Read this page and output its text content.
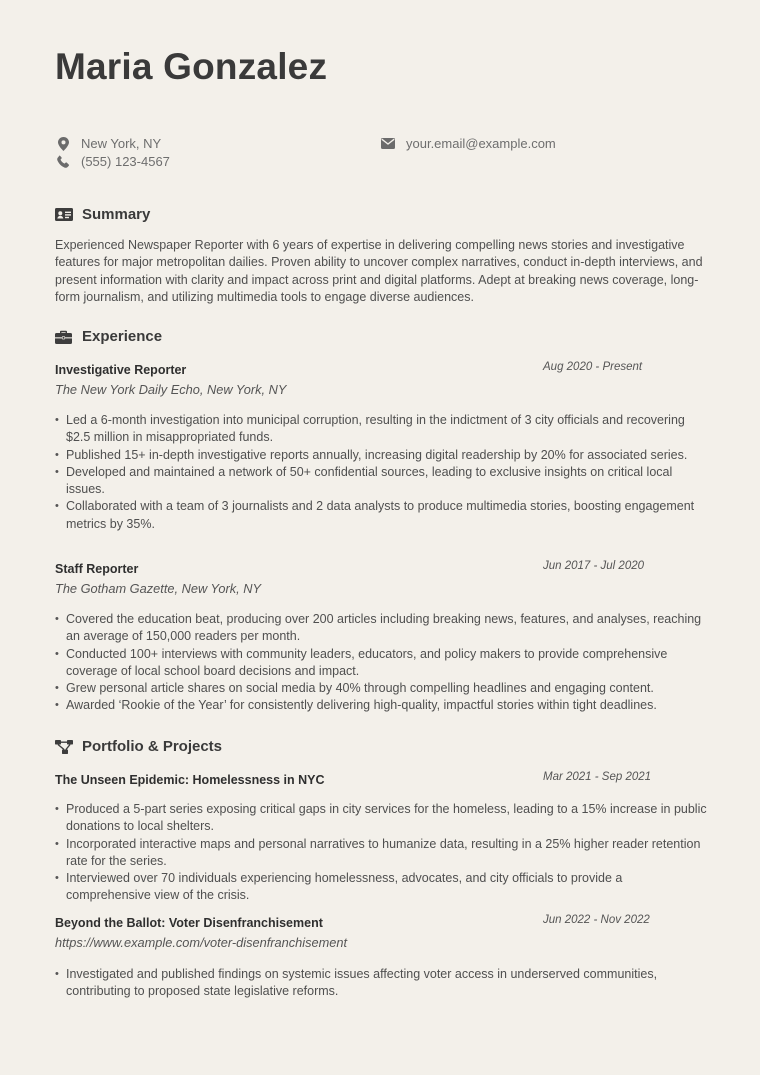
Maria Gonzalez
New York, NY
(555) 123-4567
your.email@example.com
Summary
Experienced Newspaper Reporter with 6 years of expertise in delivering compelling news stories and investigative features for major metropolitan dailies. Proven ability to uncover complex narratives, conduct in-depth interviews, and present information with clarity and impact across print and digital platforms. Adept at breaking news coverage, long-form journalism, and utilizing multimedia tools to engage diverse audiences.
Experience
Investigative Reporter	Aug 2020 - Present
The New York Daily Echo, New York, NY
• Led a 6-month investigation into municipal corruption, resulting in the indictment of 3 city officials and recovering $2.5 million in misappropriated funds.
• Published 15+ in-depth investigative reports annually, increasing digital readership by 20% for associated series.
• Developed and maintained a network of 50+ confidential sources, leading to exclusive insights on critical local issues.
• Collaborated with a team of 3 journalists and 2 data analysts to produce multimedia stories, boosting engagement metrics by 35%.
Staff Reporter	Jun 2017 - Jul 2020
The Gotham Gazette, New York, NY
• Covered the education beat, producing over 200 articles including breaking news, features, and analyses, reaching an average of 150,000 readers per month.
• Conducted 100+ interviews with community leaders, educators, and policy makers to provide comprehensive coverage of local school board decisions and impact.
• Grew personal article shares on social media by 40% through compelling headlines and engaging content.
• Awarded ‘Rookie of the Year’ for consistently delivering high-quality, impactful stories within tight deadlines.
Portfolio & Projects
The Unseen Epidemic: Homelessness in NYC	Mar 2021 - Sep 2021
• Produced a 5-part series exposing critical gaps in city services for the homeless, leading to a 15% increase in public donations to local shelters.
• Incorporated interactive maps and personal narratives to humanize data, resulting in a 25% higher reader retention rate for the series.
• Interviewed over 70 individuals experiencing homelessness, advocates, and city officials to provide a comprehensive view of the crisis.
Beyond the Ballot: Voter Disenfranchisement	Jun 2022 - Nov 2022
https://www.example.com/voter-disenfranchisement
• Investigated and published findings on systemic issues affecting voter access in underserved communities, contributing to proposed state legislative reforms.
